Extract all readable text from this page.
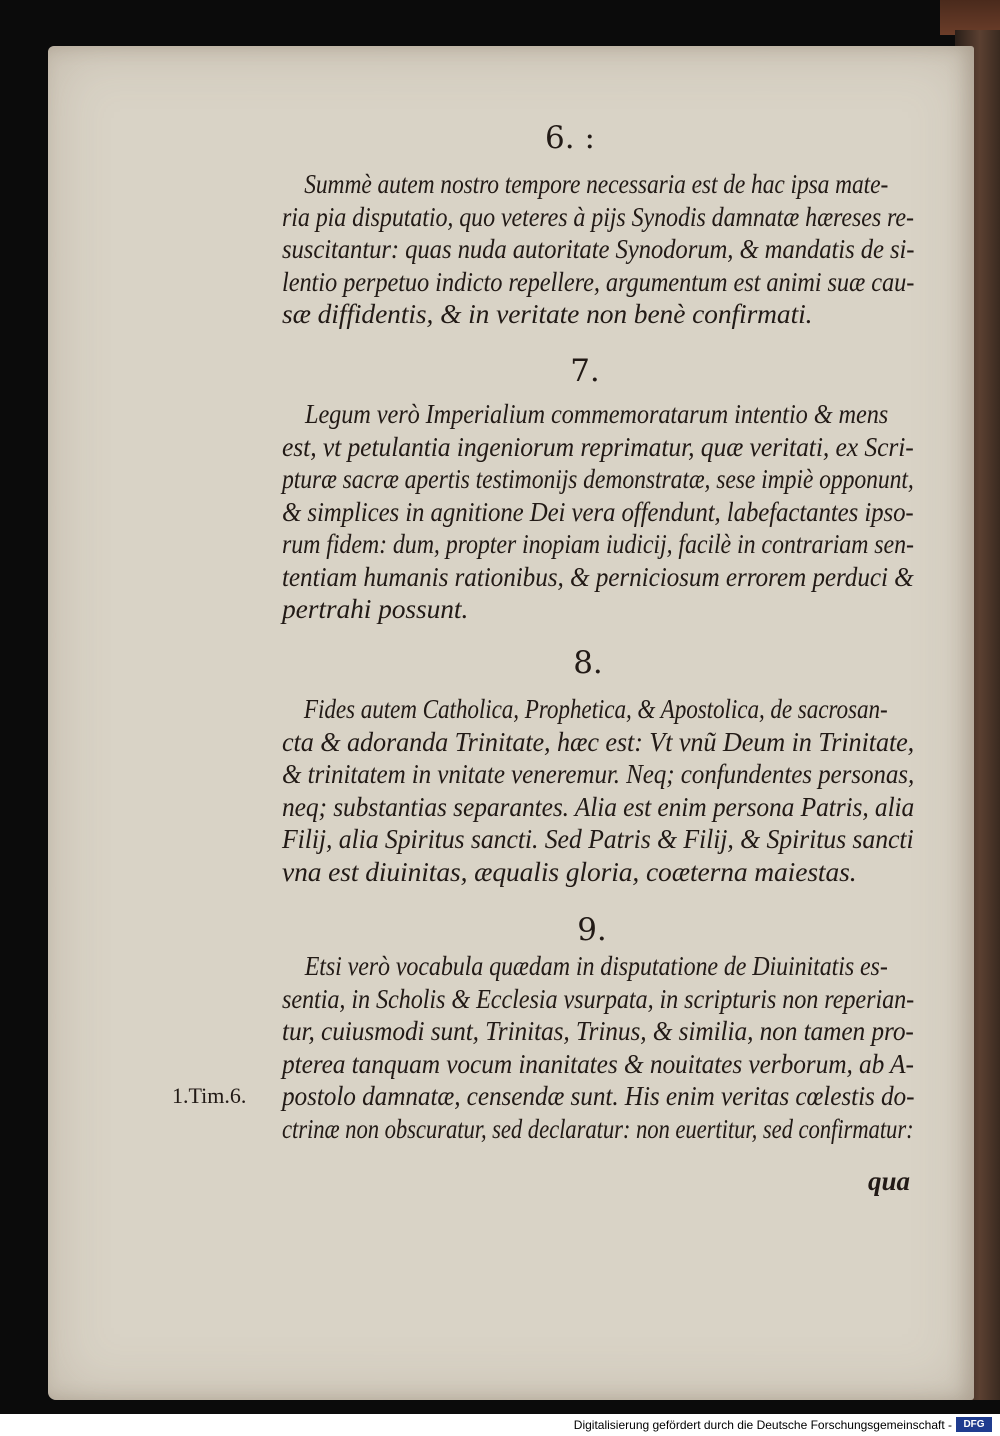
6. :
Summè autem nostro tempore necessaria est de hac ipsa mate-
ria pia disputatio, quo veteres à pijs Synodis damnatæ hæreses re-
suscitantur: quas nuda autoritate Synodorum, & mandatis de si-
lentio perpetuo indicto repellere, argumentum est animi suæ cau-
sæ diffidentis, & in veritate non benè confirmati.
7.
Legum verò Imperialium commemoratarum intentio & mens
est, vt petulantia ingeniorum reprimatur, quæ veritati, ex Scri-
pturæ sacræ apertis testimonijs demonstratæ, sese impiè opponunt,
& simplices in agnitione Dei vera offendunt, labefactantes ipso-
rum fidem: dum, propter inopiam iudicij, facilè in contrariam sen-
tentiam humanis rationibus, & perniciosum errorem perduci &
pertrahi possunt.
8.
Fides autem Catholica, Prophetica, & Apostolica, de sacrosan-
cta & adoranda Trinitate, hæc est: Vt vnũ Deum in Trinitate,
& trinitatem in vnitate veneremur. Neq; confundentes personas,
neq; substantias separantes. Alia est enim persona Patris, alia
Filij, alia Spiritus sancti. Sed Patris & Filij, & Spiritus sancti
vna est diuinitas, æqualis gloria, coæterna maiestas.
9.
Etsi verò vocabula quædam in disputatione de Diuinitatis es-
sentia, in Scholis & Ecclesia vsurpata, in scripturis non reperian-
tur, cuiusmodi sunt, Trinitas, Trinus, & similia, non tamen pro-
pterea tanquam vocum inanitates & nouitates verborum, ab A-
postolo damnatæ, censendæ sunt. His enim veritas cœlestis do-
ctrinæ non obscuratur, sed declaratur: non euertitur, sed confirmatur:
1.Tim.6.
qua
Digitalisierung gefördert durch die Deutsche Forschungsgemeinschaft -	DFG
